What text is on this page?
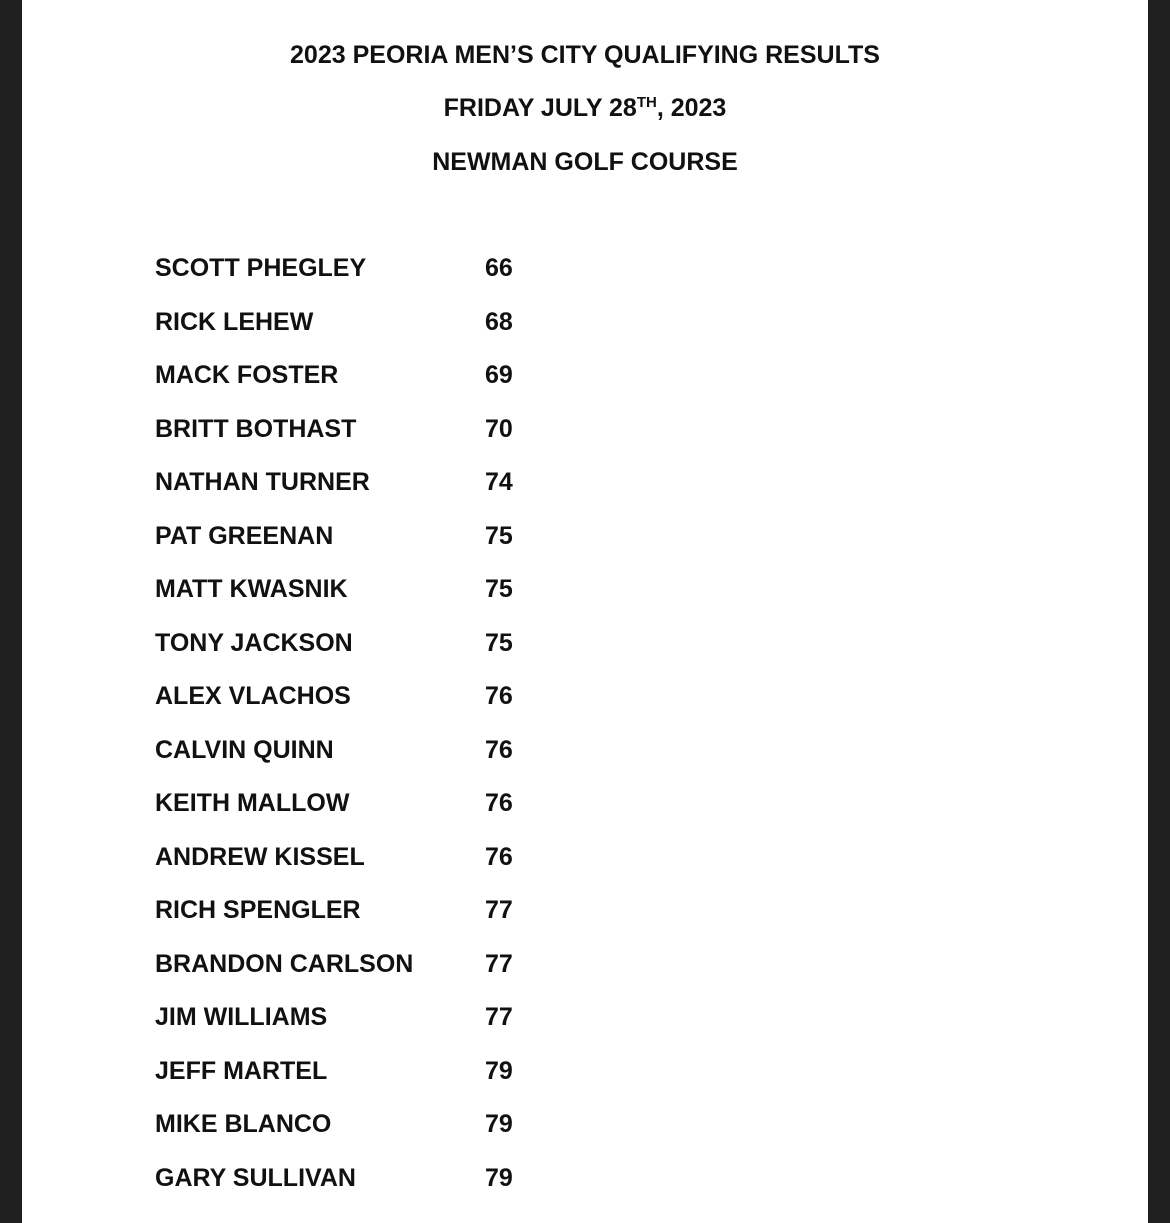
2023 PEORIA MEN’S CITY QUALIFYING RESULTS
FRIDAY JULY 28TH, 2023
NEWMAN GOLF COURSE
SCOTT PHEGLEY	66
RICK LEHEW	68
MACK FOSTER	69
BRITT BOTHAST	70
NATHAN TURNER	74
PAT GREENAN	75
MATT KWASNIK	75
TONY JACKSON	75
ALEX VLACHOS	76
CALVIN QUINN	76
KEITH MALLOW	76
ANDREW KISSEL	76
RICH SPENGLER	77
BRANDON CARLSON	77
JIM WILLIAMS	77
JEFF MARTEL	79
MIKE BLANCO	79
GARY SULLIVAN	79
